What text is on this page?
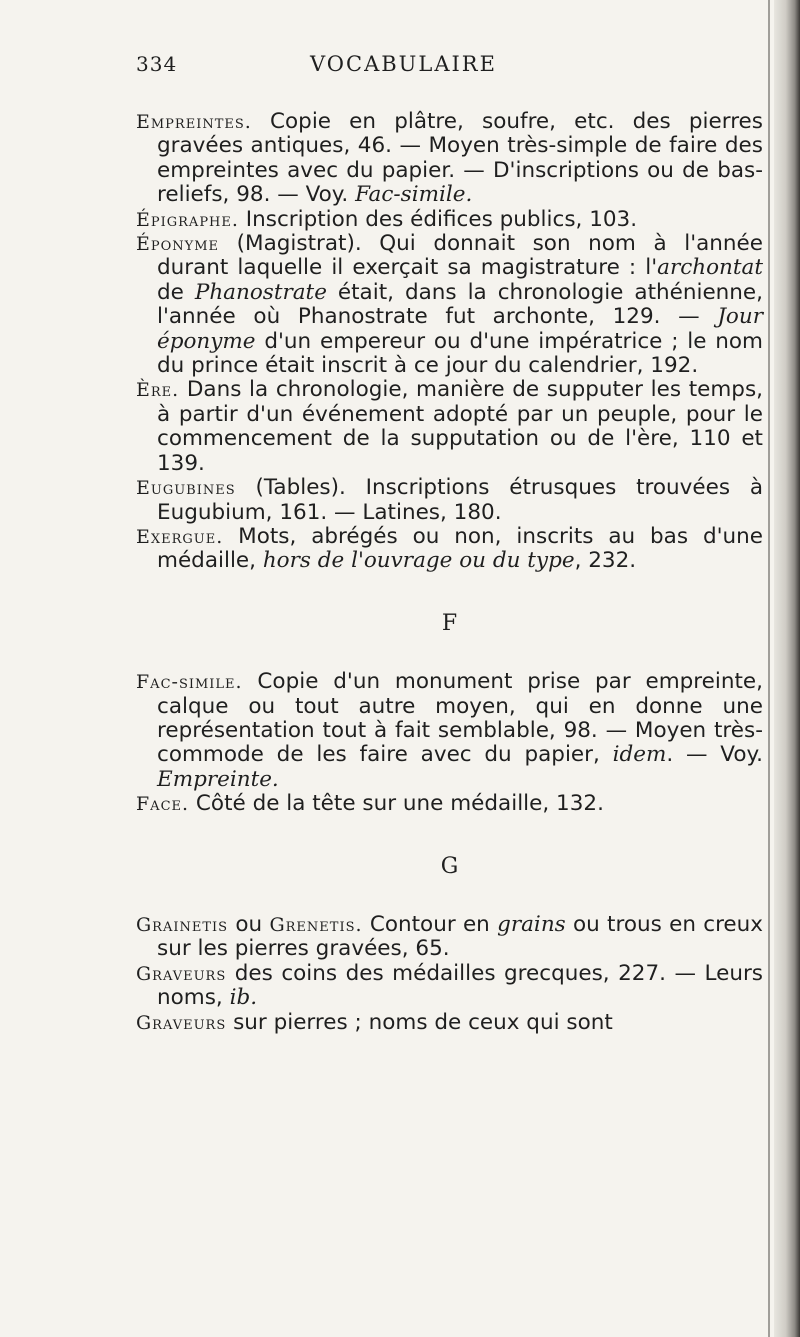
334	VOCABULAIRE
Empreintes. Copie en plâtre, soufre, etc. des pierres gravées antiques, 46. — Moyen très-simple de faire des empreintes avec du papier. — D'inscriptions ou de bas-reliefs, 98. — Voy. Fac-simile.
Épigraphe. Inscription des édifices publics, 103.
Éponyme (Magistrat). Qui donnait son nom à l'année durant laquelle il exerçait sa magistrature : l'archontat de Phanostrate était, dans la chronologie athénienne, l'année où Phanostrate fut archonte, 129. — Jour éponyme d'un empereur ou d'une impératrice ; le nom du prince était inscrit à ce jour du calendrier, 192.
Ère. Dans la chronologie, manière de supputer les temps, à partir d'un événement adopté par un peuple, pour le commencement de la supputation ou de l'ère, 110 et 139.
Eugubines (Tables). Inscriptions étrusques trouvées à Eugubium, 161. — Latines, 180.
Exergue. Mots, abrégés ou non, inscrits au bas d'une médaille, hors de l'ouvrage ou du type, 232.
F
Fac-simile. Copie d'un monument prise par empreinte, calque ou tout autre moyen, qui en donne une représentation tout à fait semblable, 98. — Moyen très-commode de les faire avec du papier, idem. — Voy. Empreinte.
Face. Côté de la tête sur une médaille, 132.
G
Grainetis ou Grenetis. Contour en grains ou trous en creux sur les pierres gravées, 65.
Graveurs des coins des médailles grecques, 227. — Leurs noms, ib.
Graveurs sur pierres ; noms de ceux qui sont
